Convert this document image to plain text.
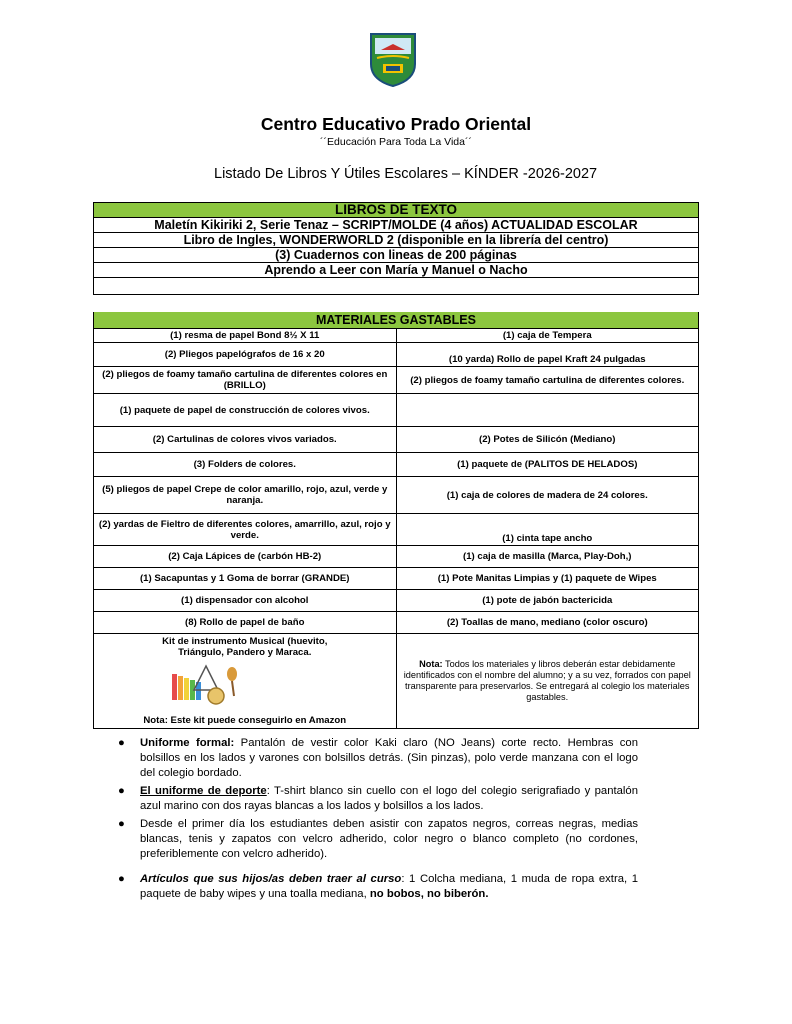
Centro Educativo Prado Oriental
´´Educación Para Toda La Vida´´
Listado De Libros Y Útiles Escolares – KÍNDER -2026-2027
LIBROS DE TEXTO
Maletín Kikiriki 2, Serie Tenaz – SCRIPT/MOLDE (4 años) ACTUALIDAD ESCOLAR
Libro de Ingles, WONDERWORLD 2 (disponible en la librería del centro)
(3) Cuadernos con lineas de 200 páginas
Aprendo a Leer con María y Manuel o Nacho

MATERIALES GASTABLES	
(1) resma de papel Bond 8½ X 11	(1) caja de Tempera
(2) Pliegos papelógrafos de 16 x 20	(10 yarda) Rollo de papel Kraft 24 pulgadas
(2) pliegos de foamy tamaño cartulina de diferentes colores en (BRILLO)	(2) pliegos de foamy tamaño cartulina de diferentes colores.
(1) paquete de papel de construcción de colores vivos.	
(2) Cartulinas de colores vivos variados.	(2) Potes de Silicón (Mediano)
(3) Folders de colores.	(1) paquete de (PALITOS DE HELADOS)
(5) pliegos de papel Crepe de color amarillo, rojo, azul, verde y naranja.	(1) caja de colores de madera de 24 colores.
(2) yardas de Fieltro de diferentes colores, amarrillo, azul, rojo y verde.	(1) cinta tape ancho
(2) Caja Lápices de (carbón HB-2)	(1) caja de masilla (Marca, Play-Doh,)
(1) Sacapuntas y 1 Goma de borrar (GRANDE)	(1) Pote Manitas Limpias y (1) paquete de Wipes
(1) dispensador con alcohol	(1) pote de jabón bactericida
(8) Rollo de papel de baño	(2) Toallas de mano, mediano (color oscuro)

Kit de instrumento Musical (huevito, Triángulo, Pandero y Maraca.
Nota: Este kit puede conseguirlo en Amazon	Nota: Todos los materiales y libros deberán estar debidamente identificados con el nombre del alumno; y a su vez, forrados con papel transparente para preservarlos. Se entregará al colegio los materiales gastables.
● Uniforme formal: Pantalón de vestir color Kaki claro (NO Jeans) corte recto. Hembras con bolsillos en los lados y varones con bolsillos detrás. (Sin pinzas), polo verde manzana con el logo del colegio bordado.
● El uniforme de deporte: T-shirt blanco sin cuello con el logo del colegio serigrafiado y pantalón azul marino con dos rayas blancas a los lados y bolsillos a los lados.
● Desde el primer día los estudiantes deben asistir con zapatos negros, correas negras, medias blancas, tenis y zapatos con velcro adherido, color negro o blanco completo (no cordones, preferiblemente con velcro adherido).
● Artículos que sus hijos/as deben traer al curso: 1 Colcha mediana, 1 muda de ropa extra, 1 paquete de baby wipes y una toalla mediana, no bobos, no biberón.
